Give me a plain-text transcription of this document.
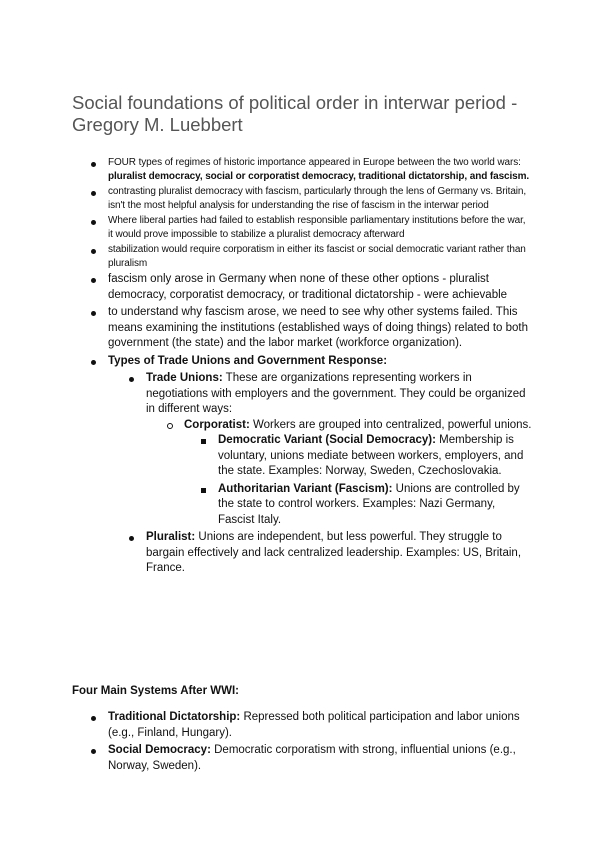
Social foundations of political order in interwar period - Gregory M. Luebbert
FOUR types of regimes of historic importance appeared in Europe between the two world wars: pluralist democracy, social or corporatist democracy, traditional dictatorship, and fascism.
contrasting pluralist democracy with fascism, particularly through the lens of Germany vs. Britain, isn't the most helpful analysis for understanding the rise of fascism in the interwar period
Where liberal parties had failed to establish responsible parliamentary institutions before the war, it would prove impossible to stabilize a pluralist democracy afterward
stabilization would require corporatism in either its fascist or social democratic variant rather than pluralism
fascism only arose in Germany when none of these other options - pluralist democracy, corporatist democracy, or traditional dictatorship - were achievable
to understand why fascism arose, we need to see why other systems failed. This means examining the institutions (established ways of doing things) related to both government (the state) and the labor market (workforce organization).
Types of Trade Unions and Government Response:
Trade Unions: These are organizations representing workers in negotiations with employers and the government. They could be organized in different ways:
Corporatist: Workers are grouped into centralized, powerful unions.
Democratic Variant (Social Democracy): Membership is voluntary, unions mediate between workers, employers, and the state. Examples: Norway, Sweden, Czechoslovakia.
Authoritarian Variant (Fascism): Unions are controlled by the state to control workers. Examples: Nazi Germany, Fascist Italy.
Pluralist: Unions are independent, but less powerful. They struggle to bargain effectively and lack centralized leadership. Examples: US, Britain, France.
Four Main Systems After WWI:
Traditional Dictatorship: Repressed both political participation and labor unions (e.g., Finland, Hungary).
Social Democracy: Democratic corporatism with strong, influential unions (e.g., Norway, Sweden).
